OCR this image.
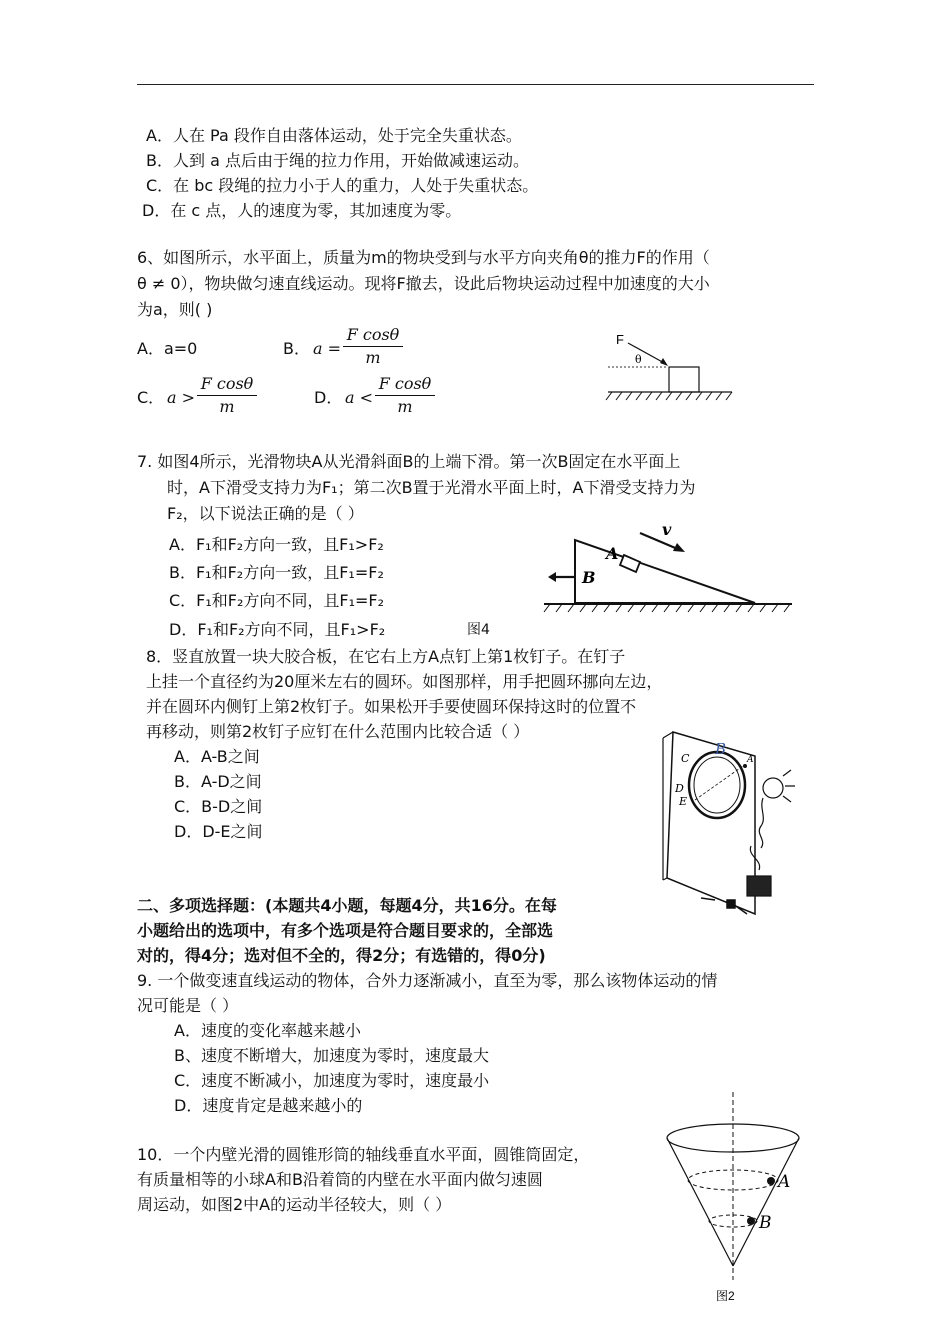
A．人在 Pa 段作自由落体运动，处于完全失重状态。
B．人到 a 点后由于绳的拉力作用，开始做减速运动。
C．在 bc 段绳的拉力小于人的重力，人处于失重状态。
D．在 c 点，人的速度为零，其加速度为零。
6、如图所示，水平面上，质量为m的物块受到与水平方向夹角θ的推力F的作用（
θ ≠ 0），物块做匀速直线运动。现将F撤去，设此后物块运动过程中加速度的大小
为a，则( )
A．a=0	B． a =
F cosθ
m
C． a >
F cosθ
m	D． a <
F cosθ
m
F
θ
7. 如图4所示，光滑物块A从光滑斜面B的上端下滑。第一次B固定在水平面上
时，A下滑受支持力为F₁；第二次B置于光滑水平面上时，A下滑受支持力为
F₂，以下说法正确的是（ ）
A．F₁和F₂方向一致，且F₁>F₂
B．F₁和F₂方向一致，且F₁=F₂
C．F₁和F₂方向不同，且F₁=F₂
D．F₁和F₂方向不同，且F₁>F₂	图4
A
B
v
8．竖直放置一块大胶合板，在它右上方A点钉上第1枚钉子。在钉子
上挂一个直径约为20厘米左右的圆环。如图那样，用手把圆环挪向左边，
并在圆环内侧钉上第2枚钉子。如果松开手要使圆环保持这时的位置不
再移动，则第2枚钉子应钉在什么范围内比较合适（ ）
A．A-B之间
B．A-D之间
C．B-D之间
D．D-E之间
B
C	A
D
E
二、多项选择题：(本题共4小题，每题4分，共16分。在每
小题给出的选项中，有多个选项是符合题目要求的，全部选
对的，得4分；选对但不全的，得2分；有选错的，得0分)
9. 一个做变速直线运动的物体，合外力逐渐减小，直至为零，那么该物体运动的情
况可能是（ ）
A．速度的变化率越来越小
B、速度不断增大，加速度为零时，速度最大
C．速度不断减小，加速度为零时，速度最小
D．速度肯定是越来越小的
10．一个内壁光滑的圆锥形筒的轴线垂直水平面，圆锥筒固定，
有质量相等的小球A和B沿着筒的内壁在水平面内做匀速圆
周运动，如图2中A的运动半径较大，则（ ）
A
B
图2
